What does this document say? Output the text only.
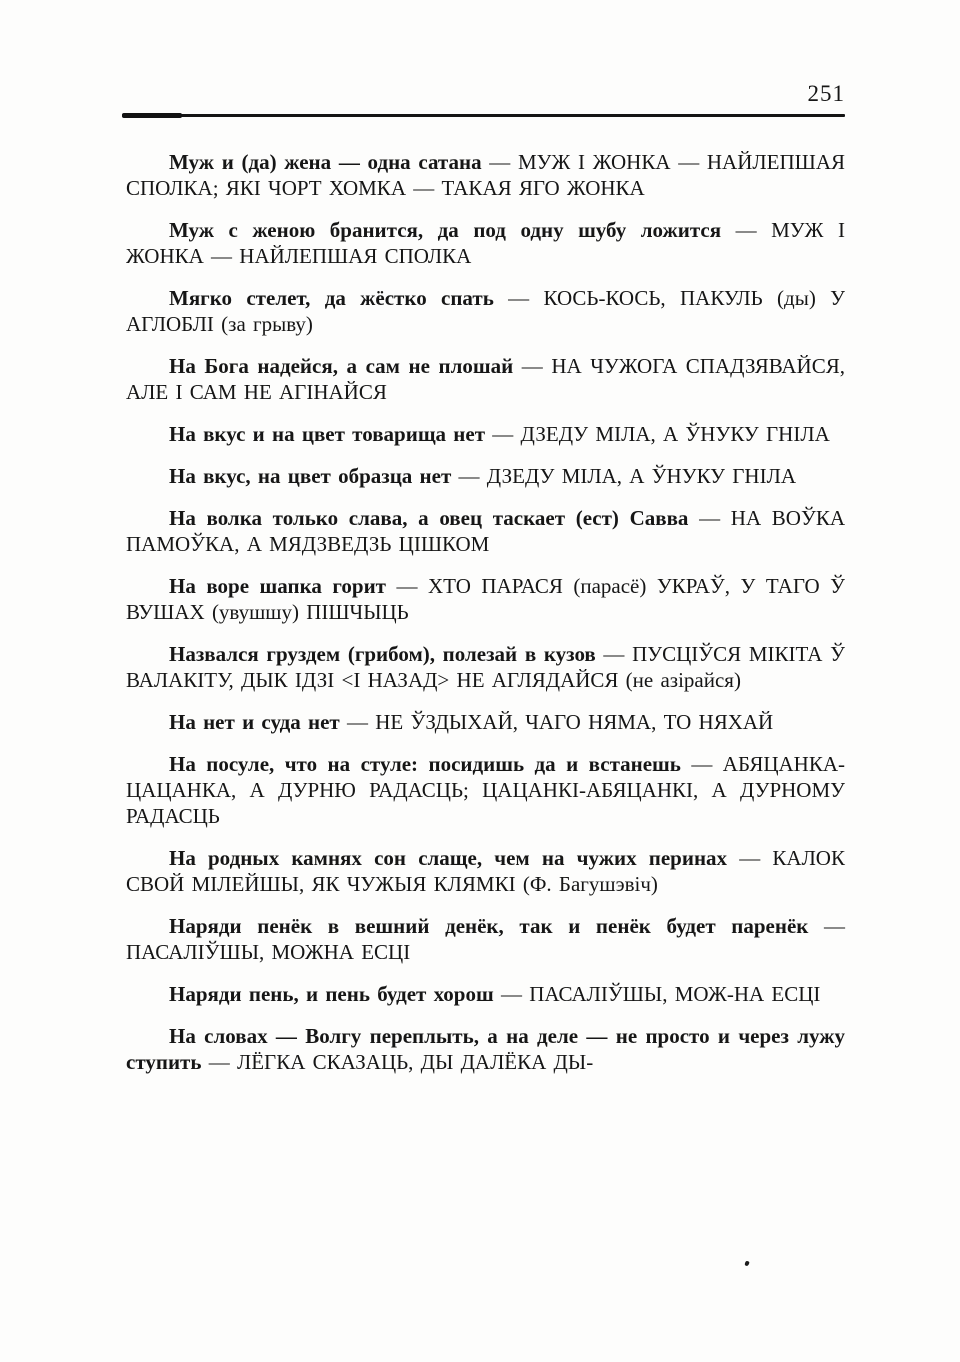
251

Муж и (да) жена — одна сатана — МУЖ І ЖОНКА — НАЙЛЕПШАЯ СПОЛКА; ЯКІ ЧОРТ ХОМКА — ТАКАЯ ЯГО ЖОНКА

Муж с женою бранится, да под одну шубу ложится — МУЖ І ЖОНКА — НАЙЛЕПШАЯ СПОЛКА

Мягко стелет, да жёстко спать — КОСЬ-КОСЬ, ПАКУЛЬ (ды) У АГЛОБЛІ (за грыву)

На Бога надейся, а сам не плошай — НА ЧУЖОГА СПАДЗЯВАЙСЯ, АЛЕ І САМ НЕ АГІНАЙСЯ

На вкус и на цвет товарища нет — ДЗЕДУ МІЛА, А ЎНУКУ ГНІЛА

На вкус, на цвет образца нет — ДЗЕДУ МІЛА, А ЎНУКУ ГНІЛА

На волка только слава, а овец таскает (ест) Савва — НА ВОЎКА ПАМОЎКА, А МЯДЗВЕДЗЬ ЦІШКОМ

На воре шапка горит — ХТО ПАРАСЯ (парасё) УКРАЎ, У ТАГО Ў ВУШАХ (увушшу) ПІШЧЫЦЬ

Назвался груздем (грибом), полезай в кузов — ПУСЦІЎСЯ МІКІТА Ў ВАЛАКІТУ, ДЫК ІДЗІ <І НАЗАД> НЕ АГЛЯДАЙСЯ (не азірайся)

На нет и суда нет — НЕ ЎЗДЫХАЙ, ЧАГО НЯМА, ТО НЯХАЙ

На посуле, что на стуле: посидишь да и встанешь — АБЯЦАНКА-ЦАЦАНКА, А ДУРНЮ РАДАСЦЬ; ЦАЦАНКІ-АБЯЦАНКІ, А ДУРНОМУ РАДАСЦЬ

На родных камнях сон слаще, чем на чужих перинах — КАЛОК СВОЙ МІЛЕЙШЫ, ЯК ЧУЖЫЯ КЛЯМКІ (Ф. Багушэвіч)

Наряди пенёк в вешний денёк, так и пенёк будет паренёк — ПАСАЛІЎШЫ, МОЖНА ЕСЦІ

Наряди пень, и пень будет хорош — ПАСАЛІЎШЫ, МОЖ-НА ЕСЦІ

На словах — Волгу переплыть, а на деле — не просто и через лужу ступить — ЛЁГКА СКАЗАЦЬ, ДЫ ДАЛЁКА ДЫ-
